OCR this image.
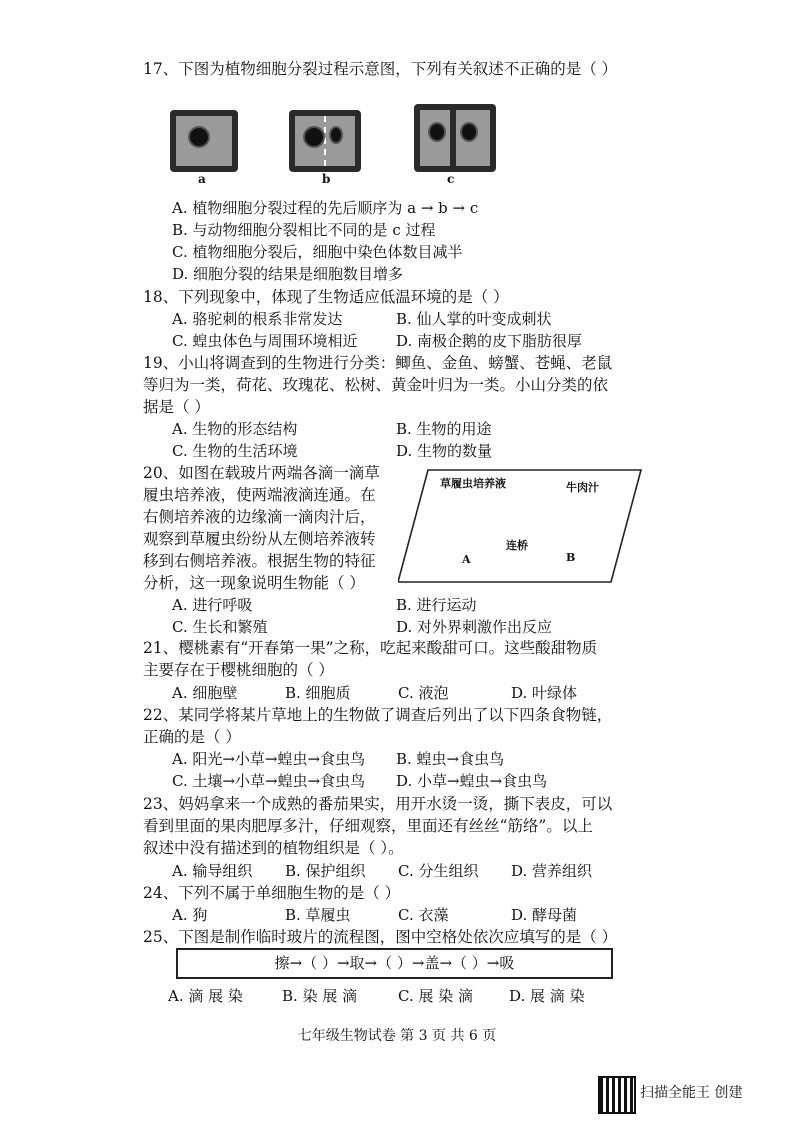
17、下图为植物细胞分裂过程示意图，下列有关叙述不正确的是（ ）
a	b	c
A. 植物细胞分裂过程的先后顺序为 a → b → c
B. 与动物细胞分裂相比不同的是 c 过程
C. 植物细胞分裂后，细胞中染色体数目减半
D. 细胞分裂的结果是细胞数目增多
18、下列现象中，体现了生物适应低温环境的是（ ）
A. 骆驼刺的根系非常发达	B. 仙人掌的叶变成刺状
C. 蝗虫体色与周围环境相近	D. 南极企鹅的皮下脂肪很厚
19、小山将调查到的生物进行分类：鲫鱼、金鱼、螃蟹、苍蝇、老鼠
等归为一类，荷花、玫瑰花、松树、黄金叶归为一类。小山分类的依
据是（ ）
A. 生物的形态结构	B. 生物的用途
C. 生物的生活环境	D. 生物的数量
20、如图在载玻片两端各滴一滴草
履虫培养液，使两端液滴连通。在
右侧培养液的边缘滴一滴肉汁后，
观察到草履虫纷纷从左侧培养液转
移到右侧培养液。根据生物的特征
分析，这一现象说明生物能（ ）
草履虫培养液	牛肉汁
连桥
A	B
A. 进行呼吸	B. 进行运动
C. 生长和繁殖	D. 对外界刺激作出反应
21、樱桃素有“开春第一果”之称，吃起来酸甜可口。这些酸甜物质
主要存在于樱桃细胞的（ ）
A. 细胞壁	B. 细胞质	C. 液泡	D. 叶绿体
22、某同学将某片草地上的生物做了调查后列出了以下四条食物链，
正确的是（ ）
A. 阳光→小草→蝗虫→食虫鸟 B. 蝗虫→食虫鸟
C. 土壤→小草→蝗虫→食虫鸟 D. 小草→蝗虫→食虫鸟
23、妈妈拿来一个成熟的番茄果实，用开水烫一烫，撕下表皮，可以
看到里面的果肉肥厚多汁，仔细观察，里面还有丝丝“筋络”。以上
叙述中没有描述到的植物组织是（ ）。
A. 输导组织 B. 保护组织 C. 分生组织 D. 营养组织
24、下列不属于单细胞生物的是（ ）
A. 狗	B. 草履虫	C. 衣藻	D. 酵母菌
25、下图是制作临时玻片的流程图，图中空格处依次应填写的是（ ）
擦→（ ）→取→（ ）→盖→（ ）→吸
A. 滴 展 染	B. 染 展 滴	C. 展 染 滴 D. 展 滴 染
七年级生物试卷 第 3 页 共 6 页
扫描全能王 创建
